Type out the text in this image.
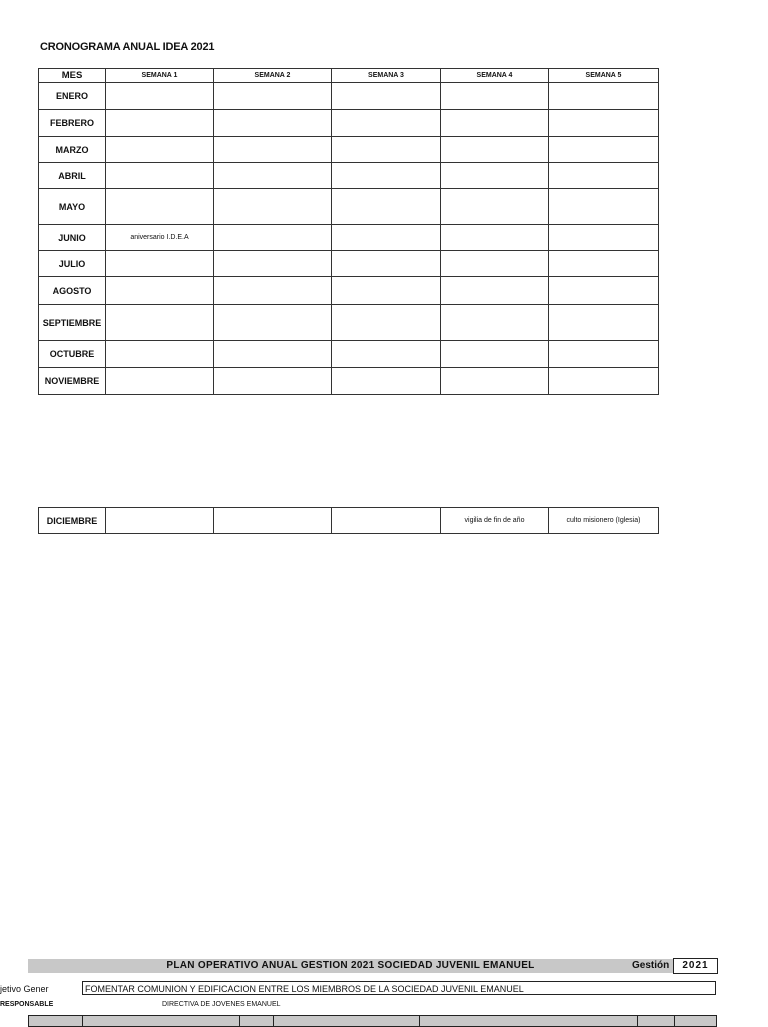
CRONOGRAMA ANUAL IDEA 2021
MES	SEMANA 1	SEMANA 2	SEMANA 3	SEMANA 4	SEMANA 5
ENERO					
FEBRERO					
MARZO					
ABRIL					
MAYO					
JUNIO	aniversario I.D.E.A				
JULIO					
AGOSTO					
SEPTIEMBRE					
OCTUBRE					
NOVIEMBRE					
DICIEMBRE				vigilia de fin de año	culto misionero (Iglesia)
PLAN OPERATIVO ANUAL GESTION 2021 SOCIEDAD JUVENIL EMANUEL	Gestión	2021
jetivo Gener	FOMENTAR COMUNION Y EDIFICACION ENTRE LOS MIEMBROS DE LA SOCIEDAD JUVENIL EMANUEL
RESPONSABLE	DIRECTIVA DE JOVENES EMANUEL
